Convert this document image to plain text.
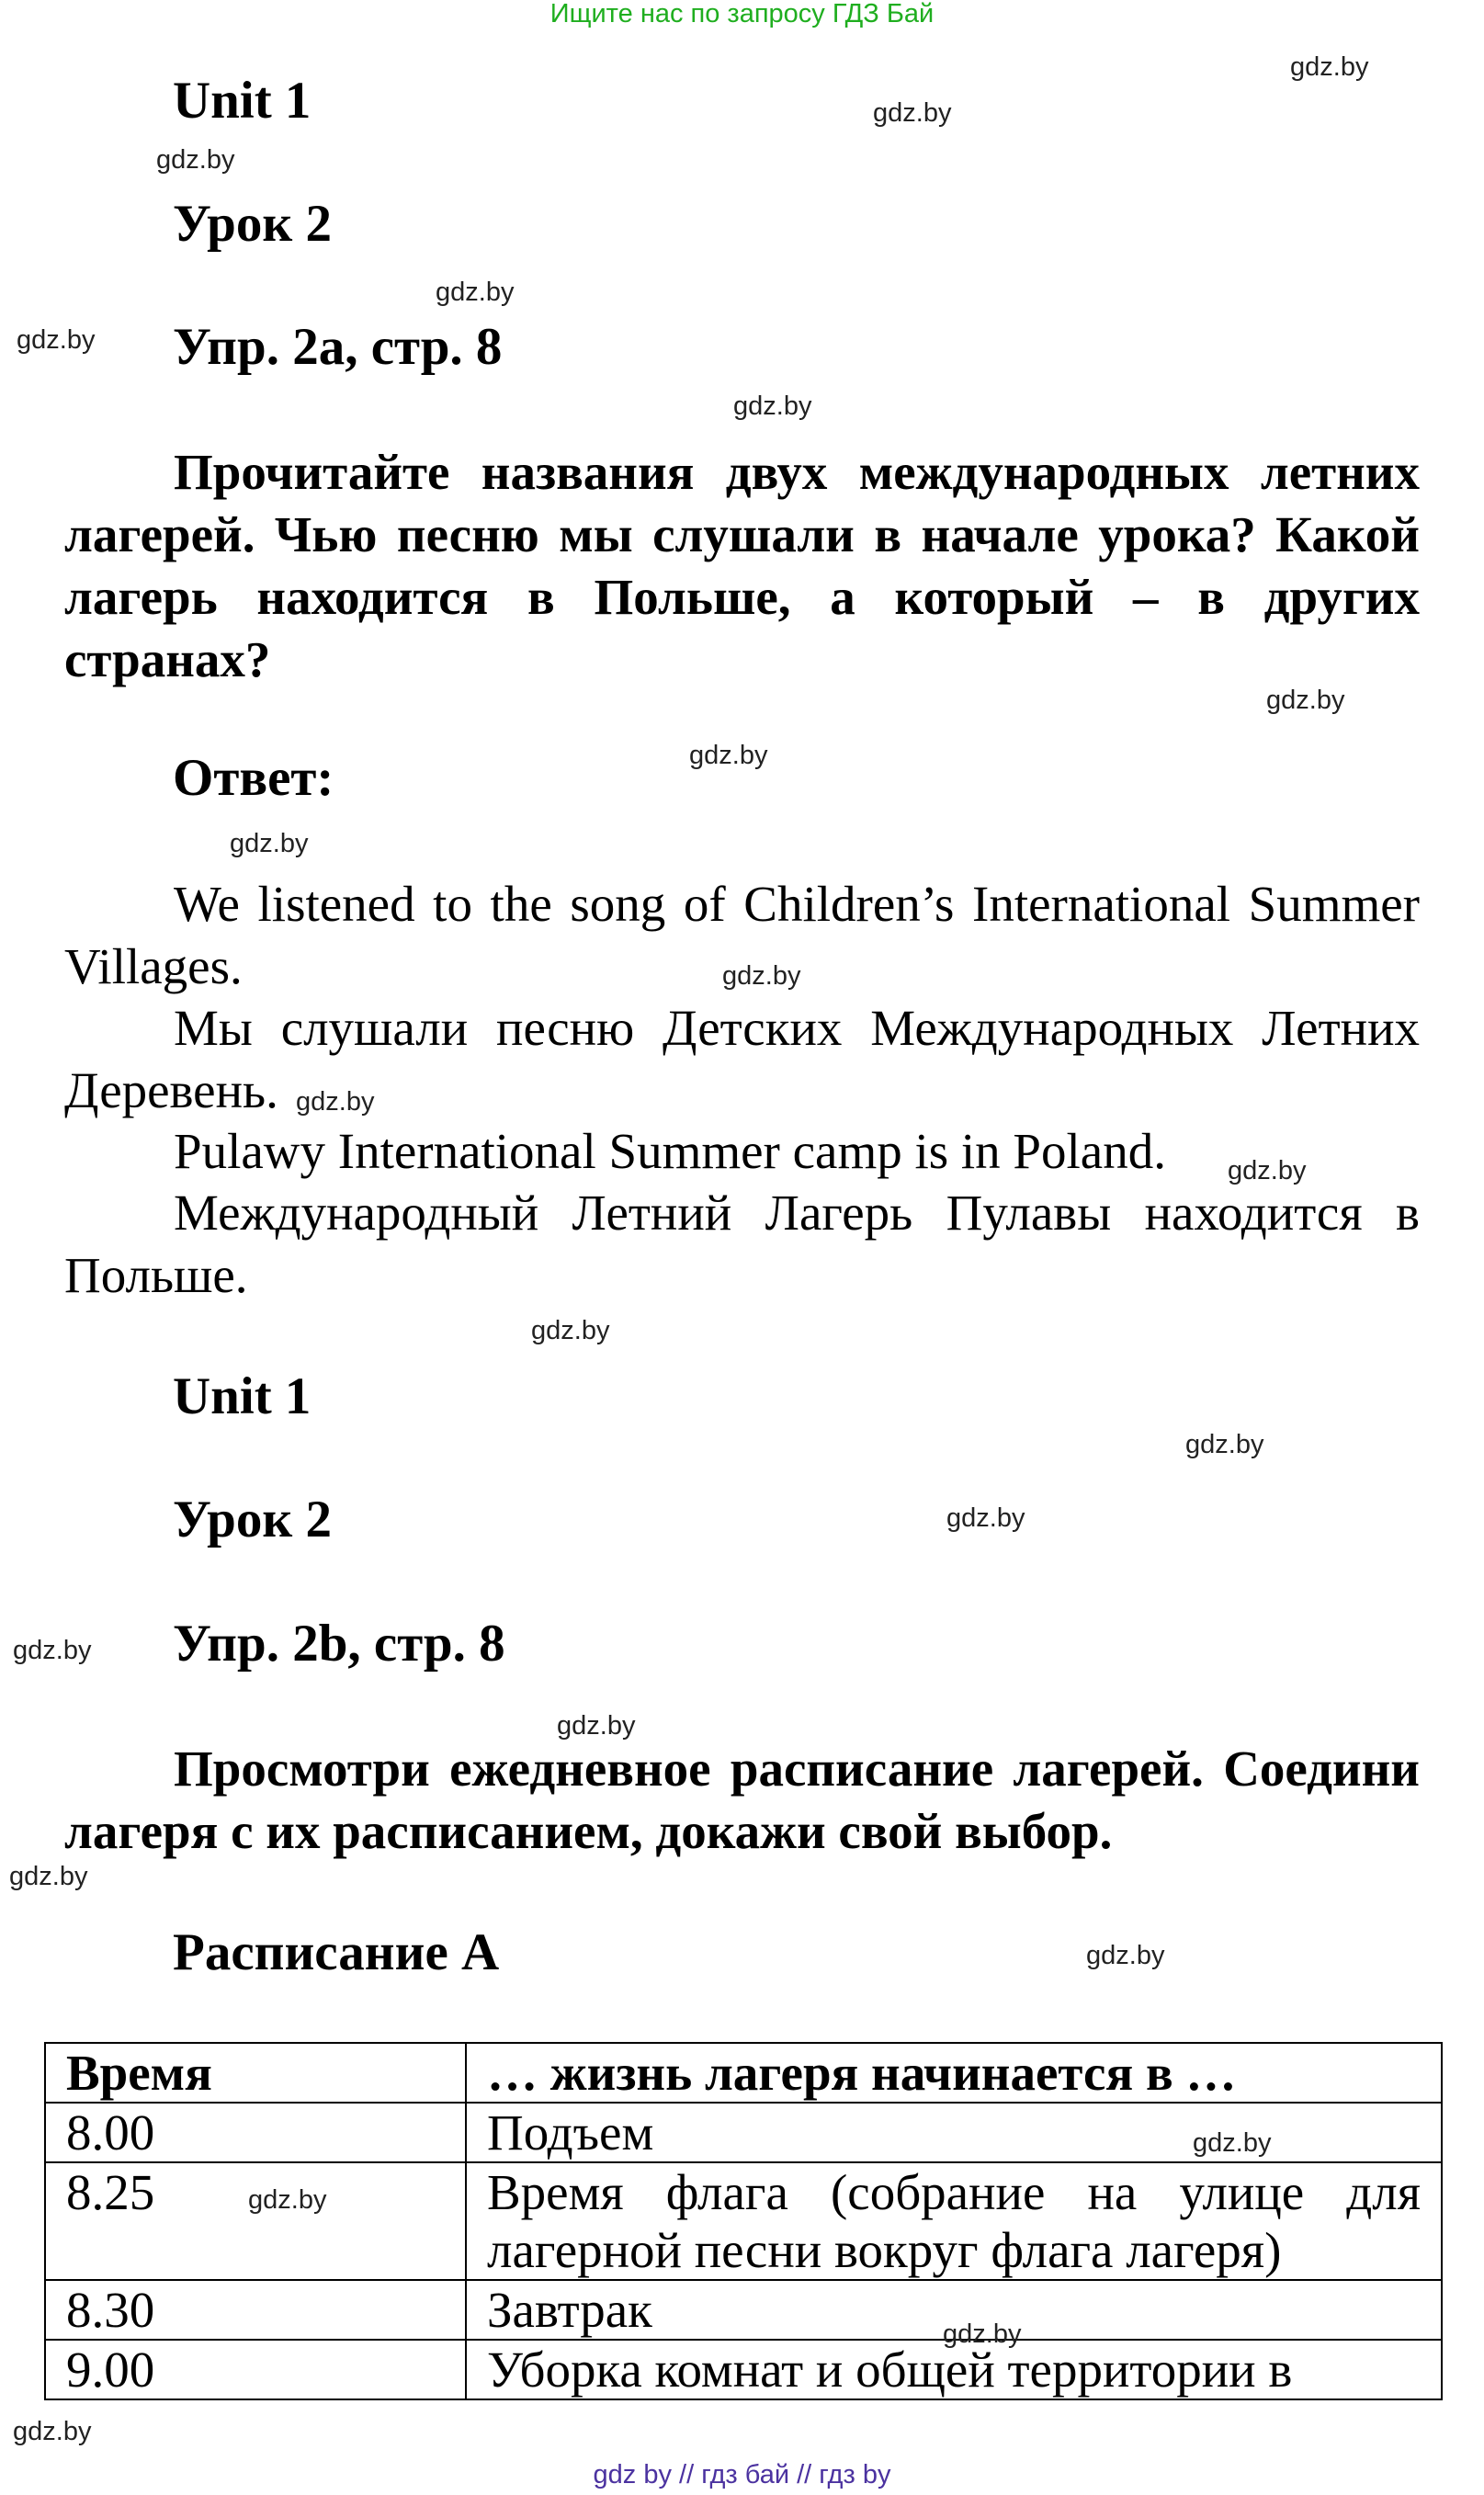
Ищите нас по запросу ГДЗ Бай
Unit 1
Урок 2
Упр. 2а, стр. 8
Прочитайте названия двух международных летних лагерей. Чью песню мы слушали в начале урока? Какой лагерь находится в Польше, а который – в других странах?
Ответ:
We listened to the song of Children’s International Summer Villages.
Мы слушали песню Детских Международных Летних Деревень.
Pulawy International Summer camp is in Poland.
Международный Летний Лагерь Пулавы находится в Польше.
Unit 1
Урок 2
Упр. 2b, стр. 8
Просмотри ежедневное расписание лагерей. Соедини лагеря с их расписанием, докажи свой выбор.
Расписание А
Время	… жизнь лагеря начинается в …
8.00	Подъем
8.25	Время флага (собрание на улице для лагерной песни вокруг флага лагеря)
8.30	Завтрак
9.00	Уборка комнат и общей территории в
gdz.by
gdz.by
gdz.by
gdz.by
gdz.by
gdz.by
gdz.by
gdz.by
gdz.by
gdz.by
gdz.by
gdz.by
gdz.by
gdz.by
gdz.by
gdz.by
gdz.by
gdz.by
gdz.by
gdz.by
gdz.by
gdz.by
gdz.by
gdz by // гдз бай // гдз by
